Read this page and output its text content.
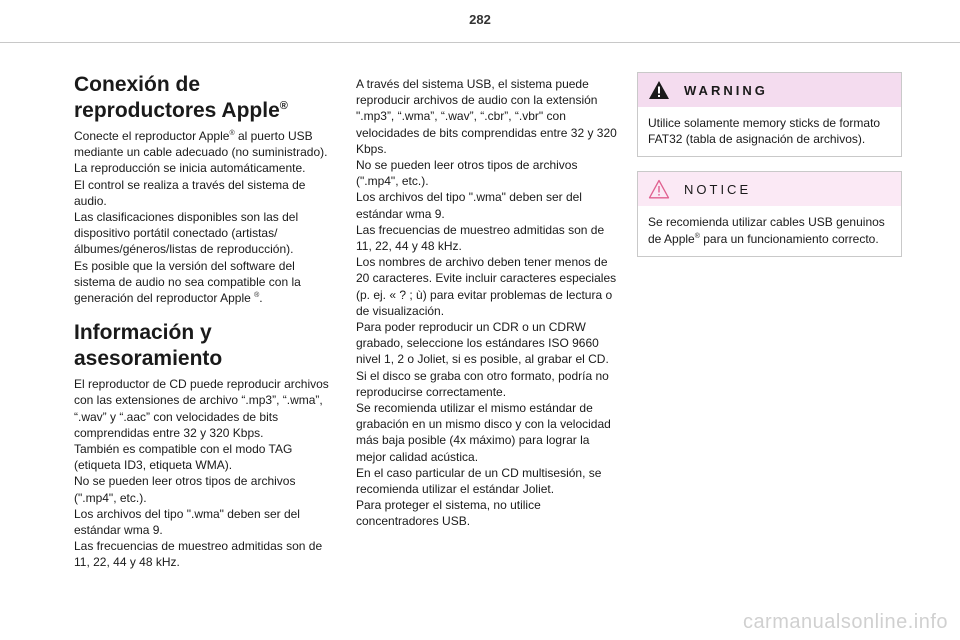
282
Conexión de reproductores Apple®

Conecte el reproductor Apple® al puerto USB mediante un cable adecuado (no suministrado).

La reproducción se inicia automáticamente.

El control se realiza a través del sistema de audio.

Las clasificaciones disponibles son las del dispositivo portátil conectado (artistas/álbumes/géneros/listas de reproducción).

Es posible que la versión del software del sistema de audio no sea compatible con la generación del reproductor Apple ®.

Información y asesoramiento

El reproductor de CD puede reproducir archivos con las extensiones de archivo “.mp3”, “.wma”, “.wav” y “.aac” con velocidades de bits comprendidas entre 32 y 320 Kbps.

También es compatible con el modo TAG (etiqueta ID3, etiqueta WMA).

No se pueden leer otros tipos de archivos (".mp4", etc.).

Los archivos del tipo ".wma" deben ser del estándar wma 9.

Las frecuencias de muestreo admitidas son de 11, 22, 44 y 48 kHz.

A través del sistema USB, el sistema puede reproducir archivos de audio con la extensión ".mp3”, “.wma”, “.wav”, “.cbr”, “.vbr" con velocidades de bits comprendidas entre 32 y 320 Kbps.

No se pueden leer otros tipos de archivos (".mp4", etc.).

Los archivos del tipo ".wma" deben ser del estándar wma 9.

Las frecuencias de muestreo admitidas son de 11, 22, 44 y 48 kHz.

Los nombres de archivo deben tener menos de 20 caracteres. Evite incluir caracteres especiales (p. ej. « ? ; ù) para evitar problemas de lectura o de visualización.

Para poder reproducir un CDR o un CDRW grabado, seleccione los estándares ISO 9660 nivel 1, 2 o Joliet, si es posible, al grabar el CD.

Si el disco se graba con otro formato, podría no reproducirse correctamente.

Se recomienda utilizar el mismo estándar de grabación en un mismo disco y con la velocidad más baja posible (4x máximo) para lograr la mejor calidad acústica.

En el caso particular de un CD multisesión, se recomienda utilizar el estándar Joliet.

Para proteger el sistema, no utilice concentradores USB.

WARNING
Utilice solamente memory sticks de formato FAT32 (tabla de asignación de archivos).
NOTICE
Se recomienda utilizar cables USB genuinos de Apple® para un funcionamiento correcto.
carmanualsonline.info
